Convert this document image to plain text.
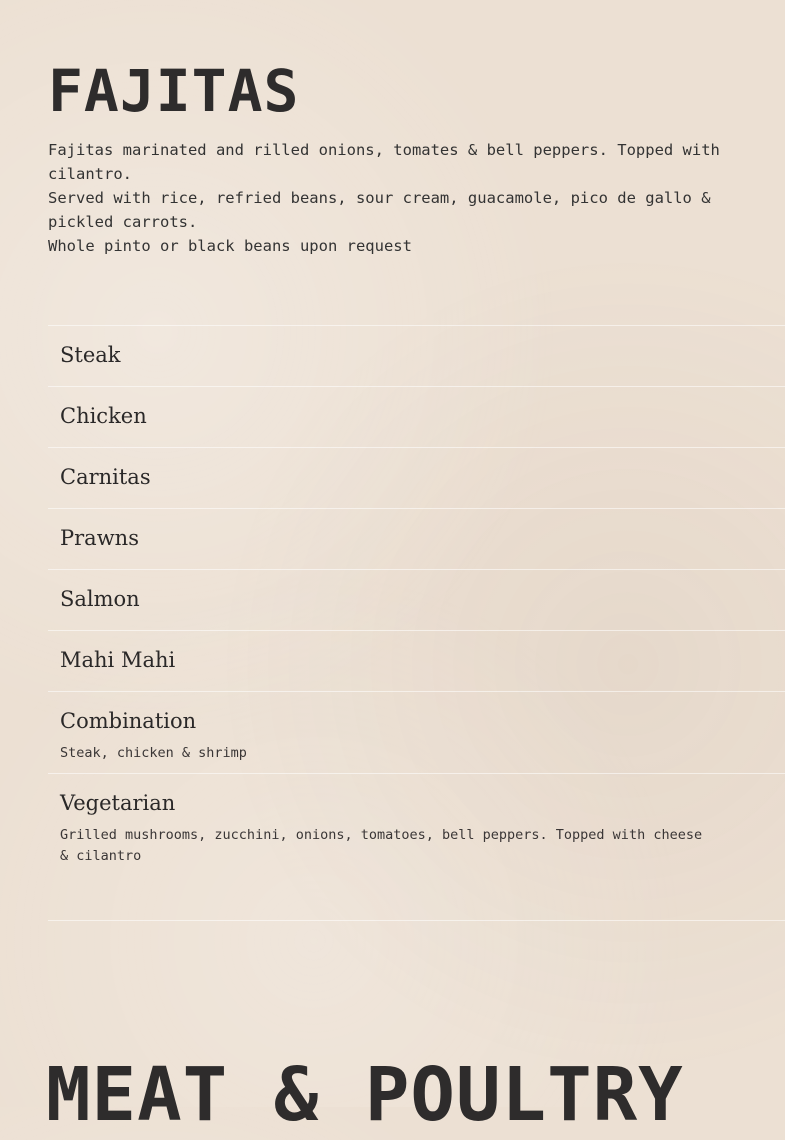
FAJITAS

Fajitas marinated and rilled onions, tomates & bell peppers. Topped with cilantro.

Served with rice, refried beans, sour cream, guacamole, pico de gallo & pickled carrots.

Whole pinto or black beans upon request

Steak
Chicken
Carnitas
Prawns
Salmon
Mahi Mahi
Combination
Steak, chicken & shrimp
Vegetarian
Grilled mushrooms, zucchini, onions, tomatoes, bell peppers. Topped with cheese & cilantro
MEAT & POULTRY
